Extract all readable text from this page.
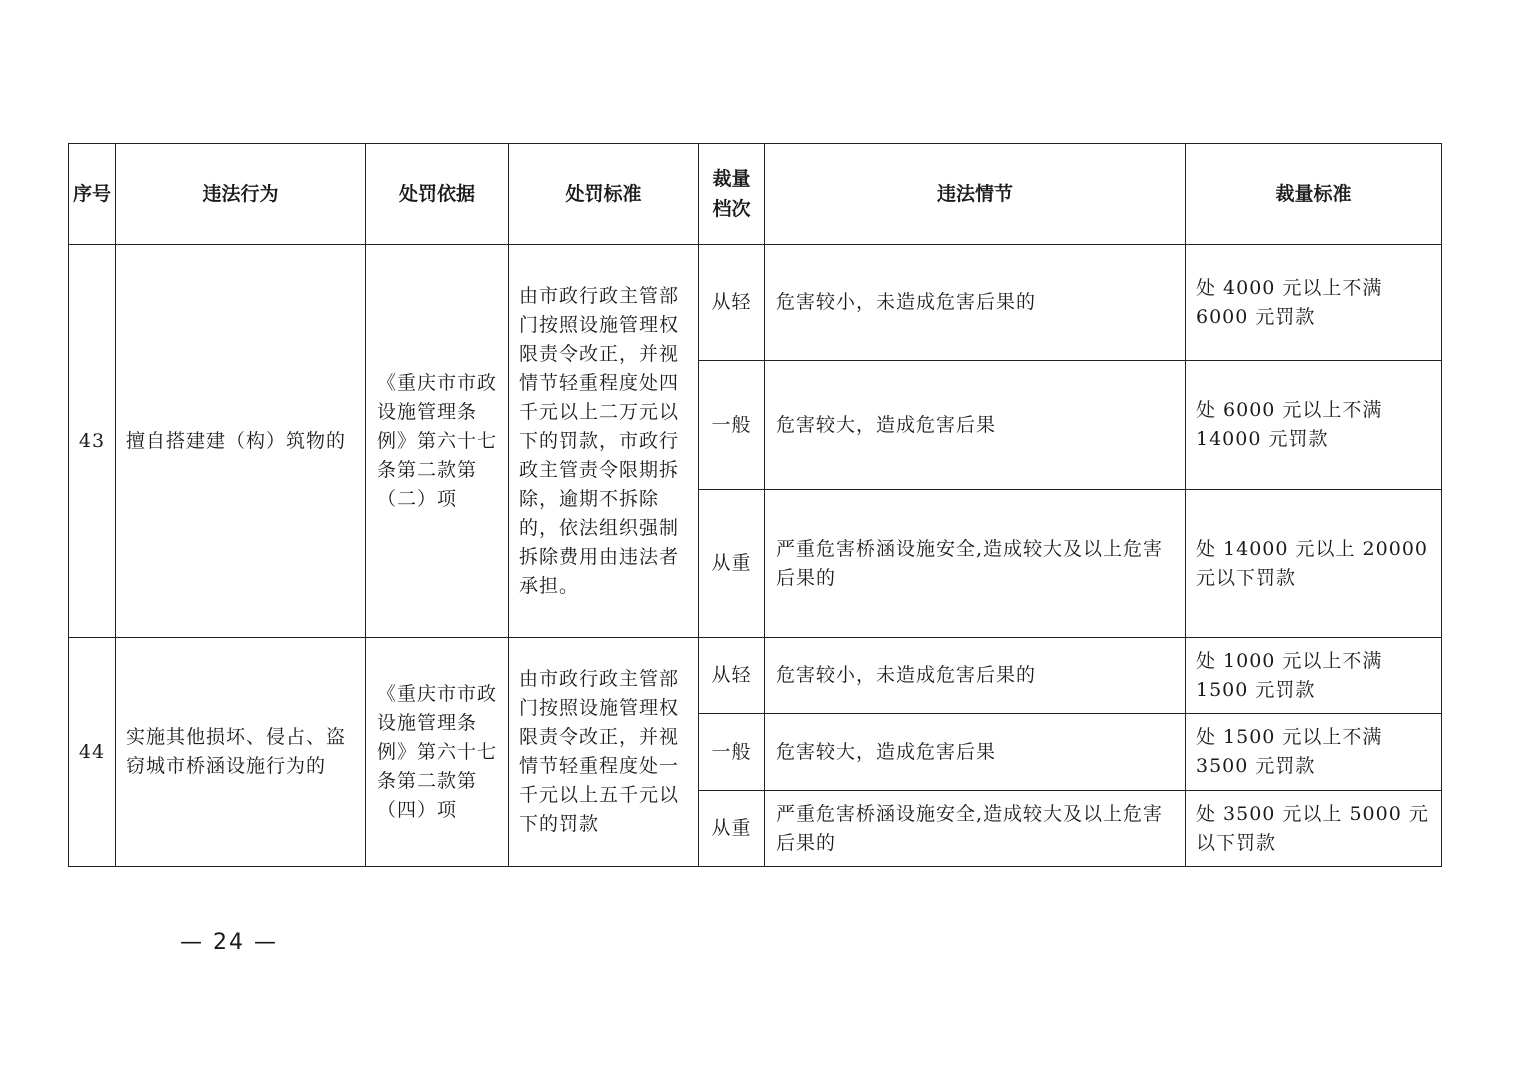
序号	违法行为	处罚依据	处罚标准	裁量档次	违法情节	裁量标准
43	擅自搭建建（构）筑物的	《重庆市市政设施管理条例》第六十七条第二款第（二）项	由市政行政主管部门按照设施管理权限责令改正，并视情节轻重程度处四千元以上二万元以下的罚款，市政行政主管责令限期拆除，逾期不拆除的，依法组织强制拆除费用由违法者承担。	从轻	危害较小，未造成危害后果的	处 4000 元以上不满 6000 元罚款
				一般	危害较大，造成危害后果	处 6000 元以上不满 14000 元罚款
				从重	严重危害桥涵设施安全,造成较大及以上危害后果的	处 14000 元以上 20000 元以下罚款
44	实施其他损坏、侵占、盗窃城市桥涵设施行为的	《重庆市市政设施管理条例》第六十七条第二款第（四）项	由市政行政主管部门按照设施管理权限责令改正，并视情节轻重程度处一千元以上五千元以下的罚款	从轻	危害较小，未造成危害后果的	处 1000 元以上不满 1500 元罚款
				一般	危害较大，造成危害后果	处 1500 元以上不满 3500 元罚款
				从重	严重危害桥涵设施安全,造成较大及以上危害后果的	处 3500 元以上 5000 元以下罚款
— 24 —
